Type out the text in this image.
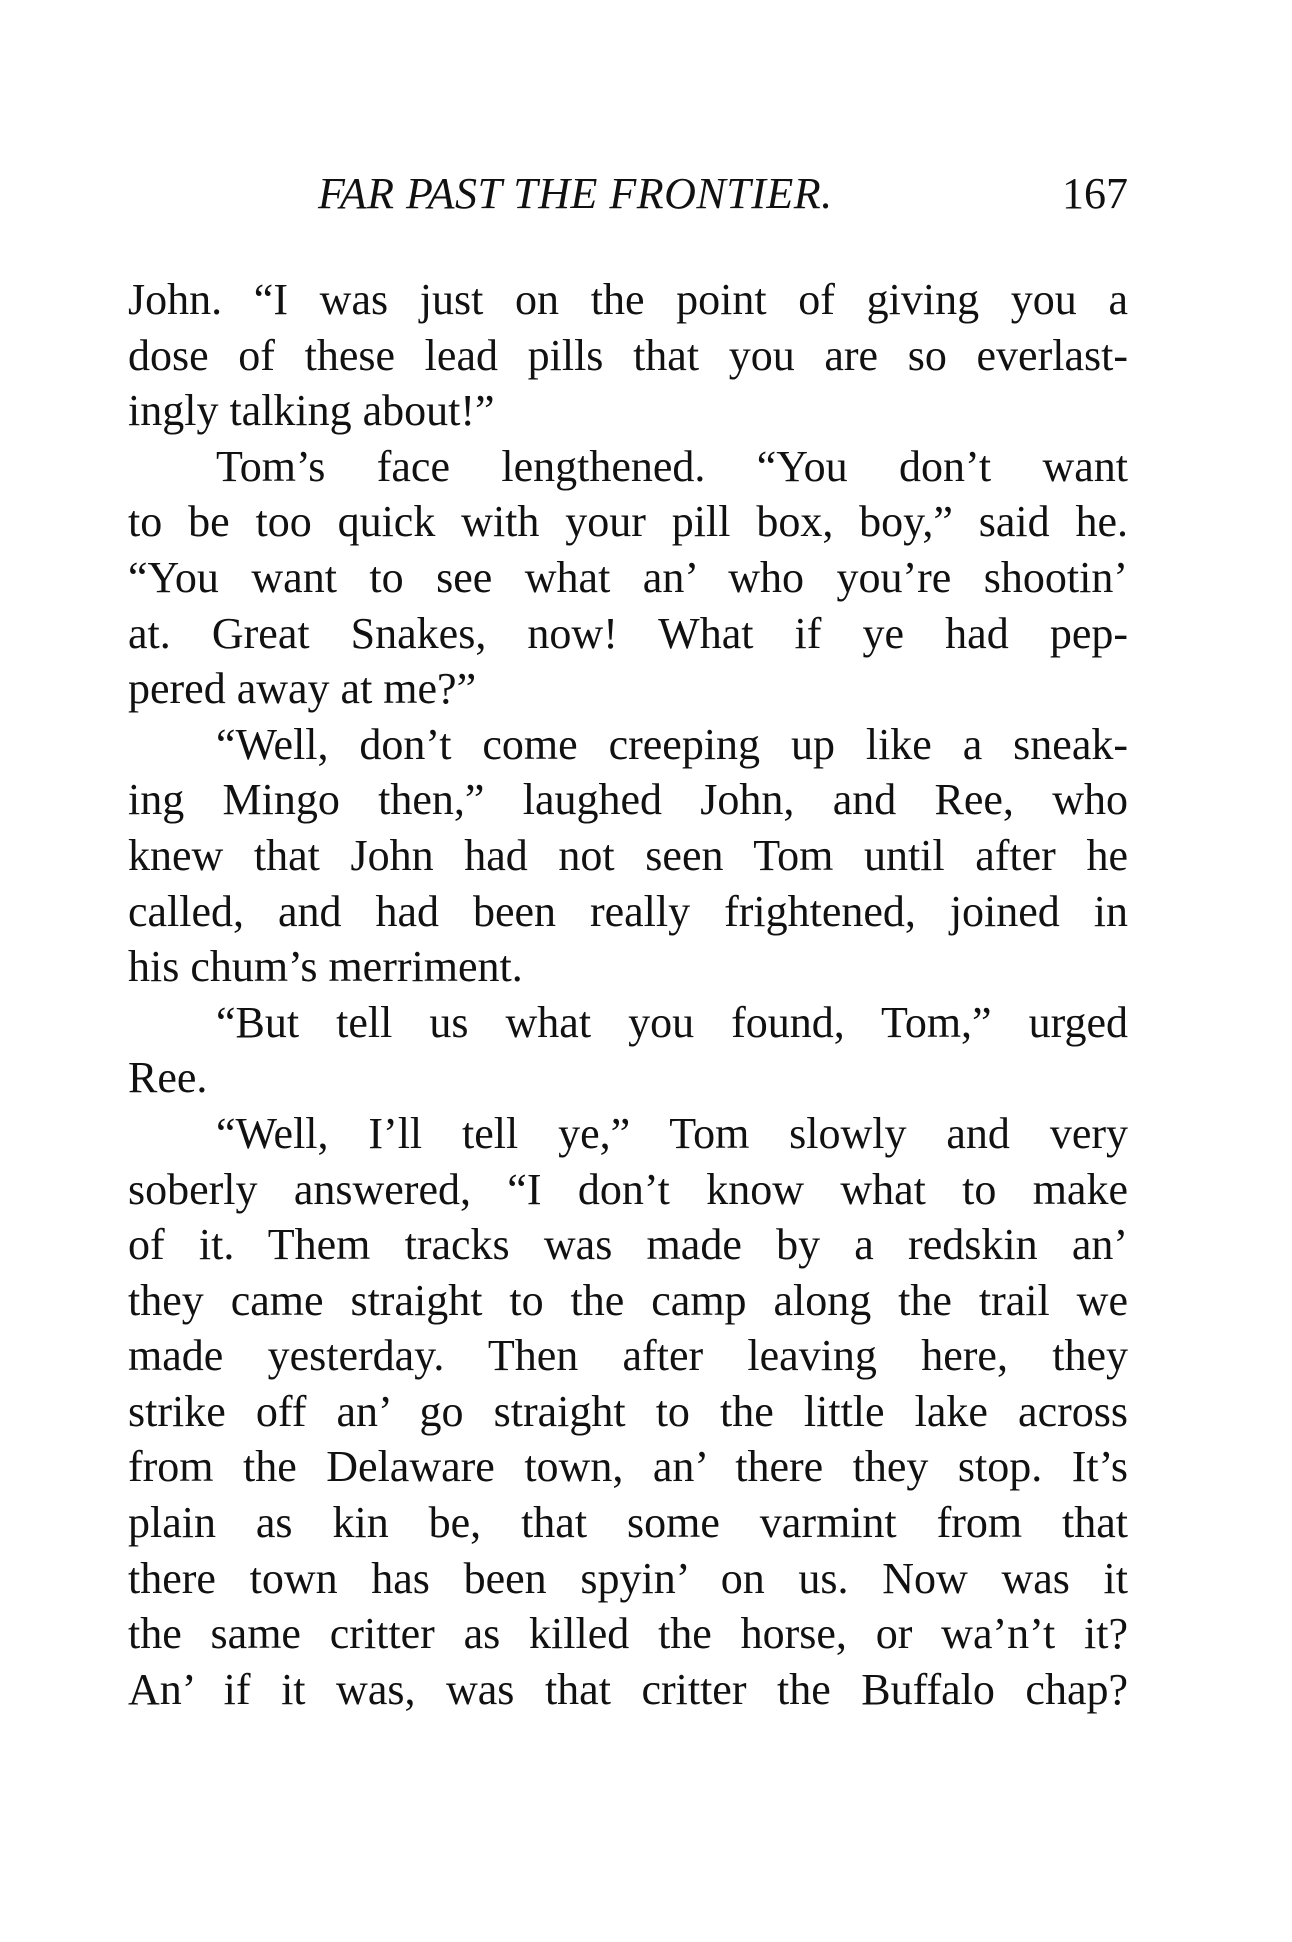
FAR PAST THE FRONTIER.	167
John. “I was just on the point of giving you a
dose of these lead pills that you are so everlast-
ingly talking about!”
Tom’s face lengthened. “You don’t want
to be too quick with your pill box, boy,” said he.
“You want to see what an’ who you’re shootin’
at. Great Snakes, now! What if ye had pep-
pered away at me?”
“Well, don’t come creeping up like a sneak-
ing Mingo then,” laughed John, and Ree, who
knew that John had not seen Tom until after he
called, and had been really frightened, joined in
his chum’s merriment.
“But tell us what you found, Tom,” urged
Ree.
“Well, I’ll tell ye,” Tom slowly and very
soberly answered, “I don’t know what to make
of it. Them tracks was made by a redskin an’
they came straight to the camp along the trail we
made yesterday. Then after leaving here, they
strike off an’ go straight to the little lake across
from the Delaware town, an’ there they stop. It’s
plain as kin be, that some varmint from that
there town has been spyin’ on us. Now was it
the same critter as killed the horse, or wa’n’t it?
An’ if it was, was that critter the Buffalo chap?
